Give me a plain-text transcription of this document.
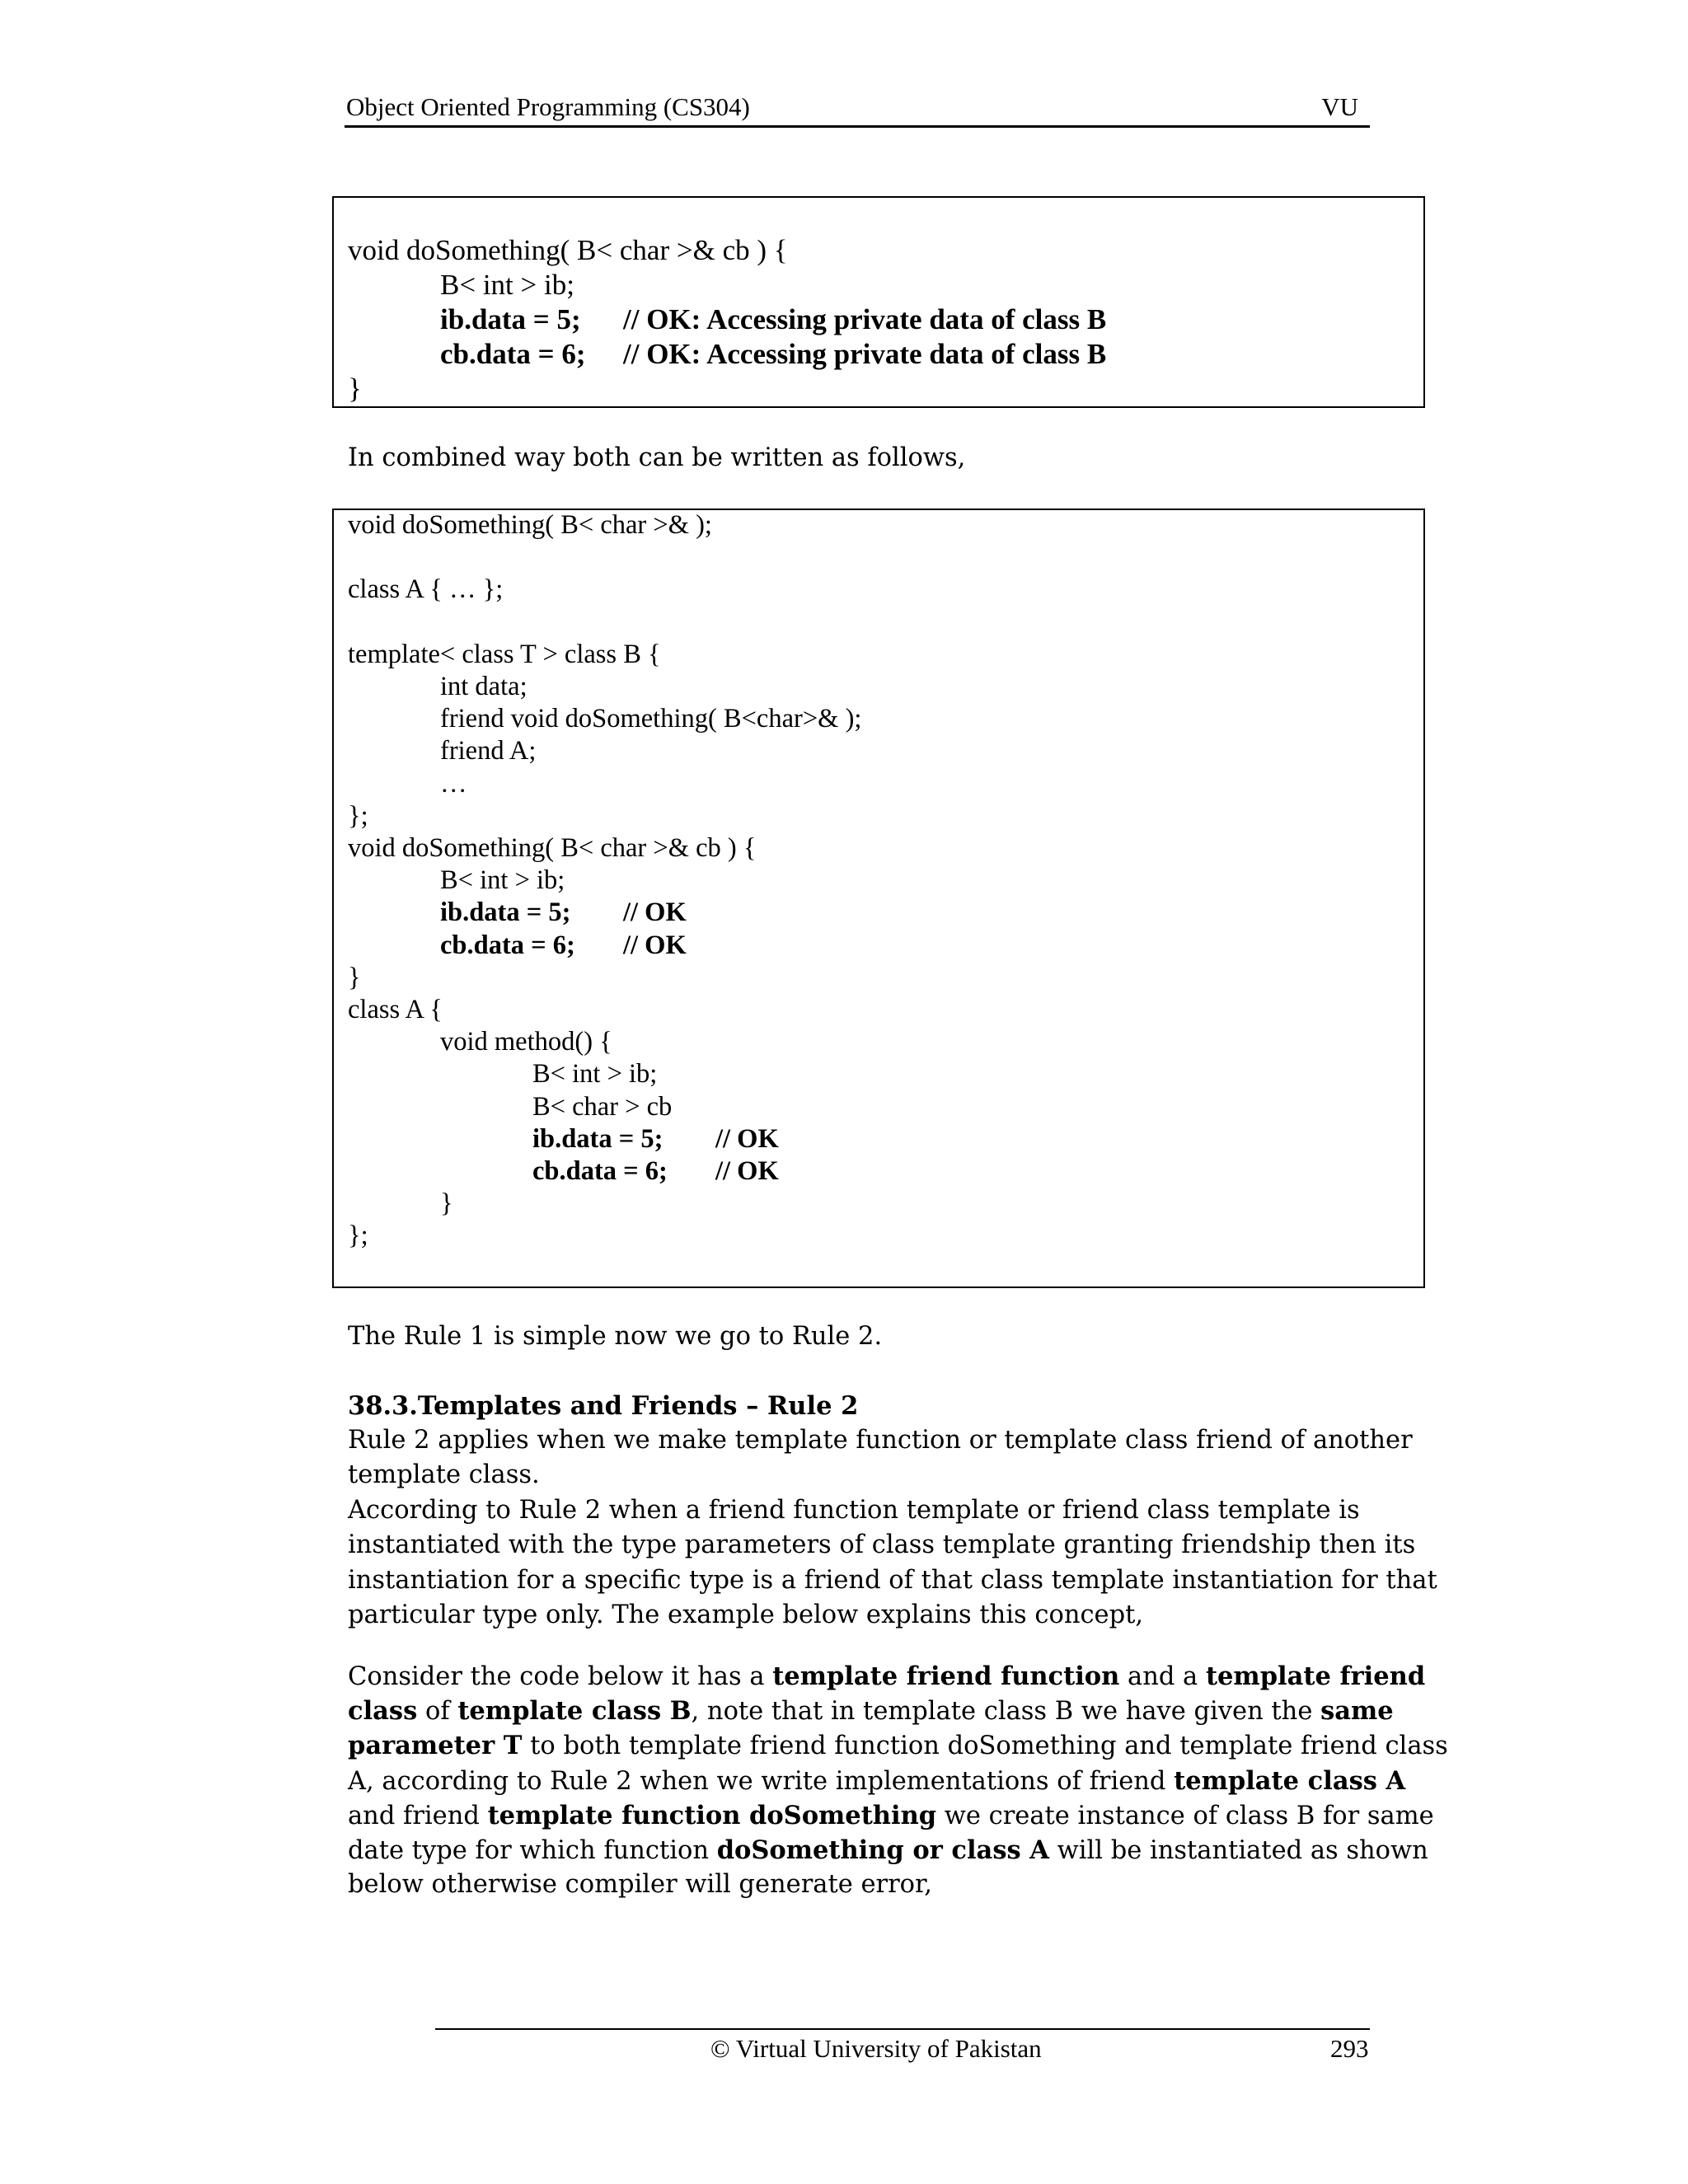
Object Oriented Programming (CS304)	VU
void doSomething( B< char >& cb ) {
B< int > ib;
ib.data = 5; // OK: Accessing private data of class B
cb.data = 6; // OK: Accessing private data of class B
}
In combined way both can be written as follows,
void doSomething( B< char >& );
class A { … };
template< class T > class B {
int data;
friend void doSomething( B<char>& );
friend A;
…
};
void doSomething( B< char >& cb ) {
B< int > ib;
ib.data = 5; // OK
cb.data = 6; // OK
}
class A {
void method() {
B< int > ib;
B< char > cb
ib.data = 5; // OK
cb.data = 6; // OK
}
};
The Rule 1 is simple now we go to Rule 2.
38.3.Templates and Friends – Rule 2
Rule 2 applies when we make template function or template class friend of another
template class.
According to Rule 2 when a friend function template or friend class template is
instantiated with the type parameters of class template granting friendship then its
instantiation for a specific type is a friend of that class template instantiation for that
particular type only. The example below explains this concept,
Consider the code below it has a template friend function and a template friend
class of template class B, note that in template class B we have given the same
parameter T to both template friend function doSomething and template friend class
A, according to Rule 2 when we write implementations of friend template class A
and friend template function doSomething we create instance of class B for same
date type for which function doSomething or class A will be instantiated as shown
below otherwise compiler will generate error,
© Virtual University of Pakistan	293
